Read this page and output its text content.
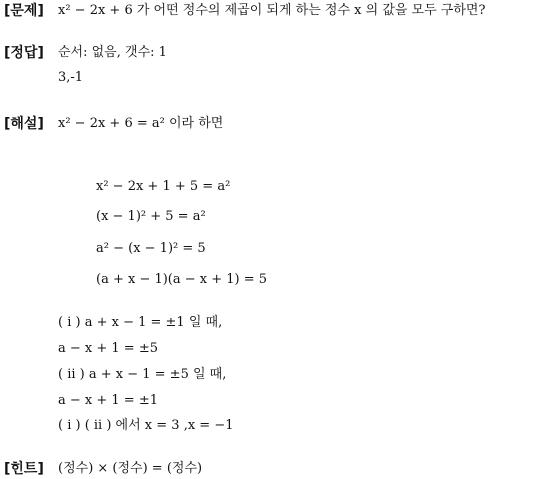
[문제] x² − 2x + 6 가 어떤 정수의 제곱이 되게 하는 정수 x 의 값을 모두 구하면?
[정답] 순서: 없음, 갯수: 1
3,-1
[해설] x² − 2x + 6 = a² 이라 하면
x² − 2x + 1 + 5 = a²
(x − 1)² + 5 = a²
a² − (x − 1)² = 5
(a + x − 1)(a − x + 1) = 5
( i ) a + x − 1 = ±1 일 때,
a − x + 1 = ±5
( ii ) a + x − 1 = ±5 일 때,
a − x + 1 = ±1
( i ) ( ii ) 에서 x = 3 ,x = −1
[힌트] (정수) × (정수) = (정수)
